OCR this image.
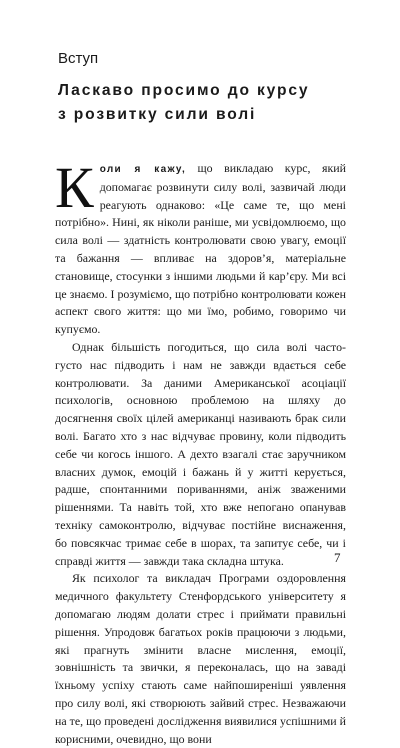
Вступ
Ласкаво просимо до курсу
з розвитку сили волі

Коли я кажу, що викладаю курс, який допомагає розвинути силу волі, зазвичай люди реагують однаково: «Це саме те, що мені потрібно». Нині, як ніколи раніше, ми усвідомлюємо, що сила волі — здатність контролювати свою увагу, емоції та бажання — впливає на здоров’я, матеріальне становище, стосунки з іншими людьми й кар’єру. Ми всі це знаємо. І розуміємо, що потрібно контролювати кожен аспект свого життя: що ми їмо, робимо, говоримо чи купуємо.

Однак більшість погодиться, що сила волі часто-густо нас підводить і нам не завжди вдається себе контролювати. За даними Американської асоціації психологів, основною проблемою на шляху до досягнення своїх цілей американці називають брак сили волі. Багато хто з нас відчуває провину, коли підводить себе чи когось іншого. А дехто взагалі стає заручником власних думок, емоцій і бажань й у житті керується, радше, спонтанними пориваннями, аніж зваженими рішеннями. Та навіть той, хто вже непогано опанував техніку самоконтролю, відчуває постійне виснаження, бо повсякчас тримає себе в шорах, та запитує себе, чи і справді життя — завжди така складна штука.

Як психолог та викладач Програми оздоровлення медичного факультету Стенфордського університету я допомагаю людям долати стрес і приймати правильні рішення. Упродовж багатьох років працюючи з людьми, які прагнуть змінити власне мислення, емоції, зовнішність та звички, я переконалась, що на заваді їхньому успіху стають саме найпоширеніші уявлення про силу волі, які створюють зайвий стрес. Незважаючи на те, що проведені дослідження виявилися успішними й корисними, очевидно, що вони

7
